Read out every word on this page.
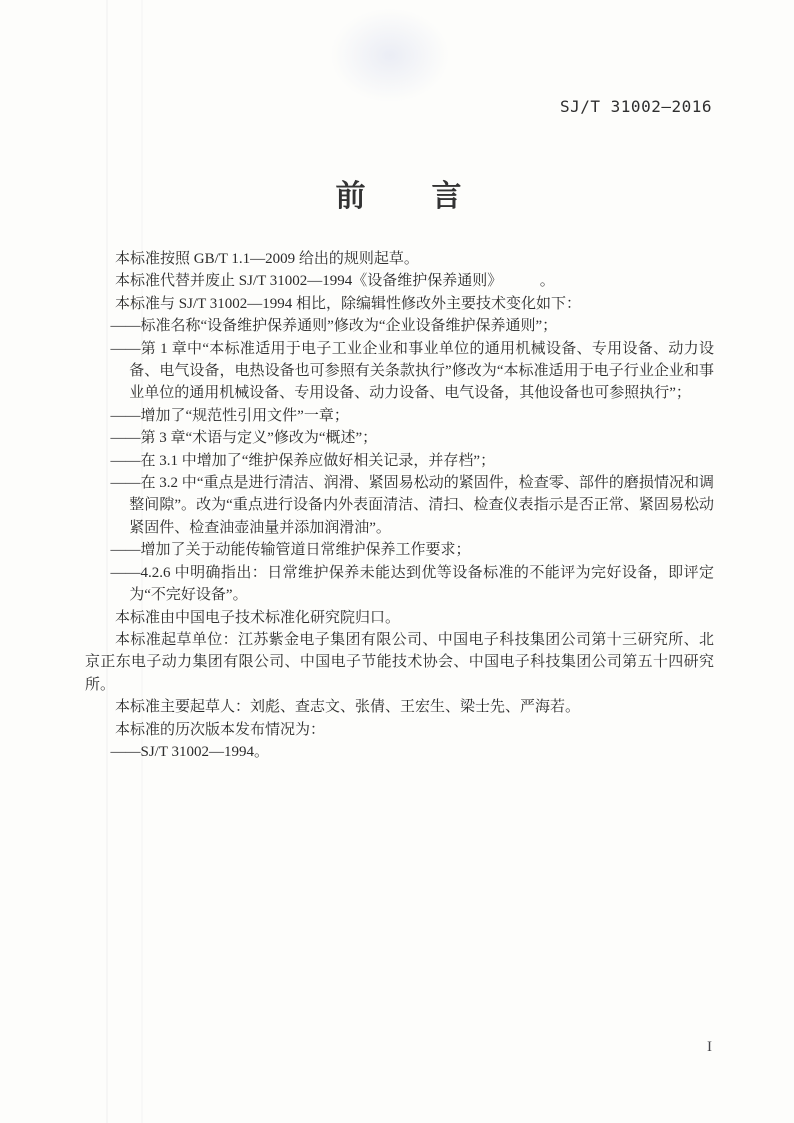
SJ/T 31002—2016
前　　言
本标准按照 GB/T 1.1—2009 给出的规则起草。
本标准代替并废止 SJ/T 31002—1994《设备维护保养通则》　　　。
本标准与 SJ/T 31002—1994 相比，除编辑性修改外主要技术变化如下：
——标准名称“设备维护保养通则”修改为“企业设备维护保养通则”；
——第 1 章中“本标准适用于电子工业企业和事业单位的通用机械设备、专用设备、动力设备、电气设备，电热设备也可参照有关条款执行”修改为“本标准适用于电子行业企业和事业单位的通用机械设备、专用设备、动力设备、电气设备，其他设备也可参照执行”；
——增加了“规范性引用文件”一章；
——第 3 章“术语与定义”修改为“概述”；
——在 3.1 中增加了“维护保养应做好相关记录，并存档”；
——在 3.2 中“重点是进行清洁、润滑、紧固易松动的紧固件，检查零、部件的磨损情况和调整间隙”。改为“重点进行设备内外表面清洁、清扫、检查仪表指示是否正常、紧固易松动紧固件、检查油壶油量并添加润滑油”。
——增加了关于动能传输管道日常维护保养工作要求；
——4.2.6 中明确指出：日常维护保养未能达到优等设备标准的不能评为完好设备，即评定为“不完好设备”。
本标准由中国电子技术标准化研究院归口。
本标准起草单位：江苏紫金电子集团有限公司、中国电子科技集团公司第十三研究所、北京正东电子动力集团有限公司、中国电子节能技术协会、中国电子科技集团公司第五十四研究所。
本标准主要起草人：刘彪、查志文、张倩、王宏生、梁士先、严海若。
本标准的历次版本发布情况为：
——SJ/T 31002—1994。
I
